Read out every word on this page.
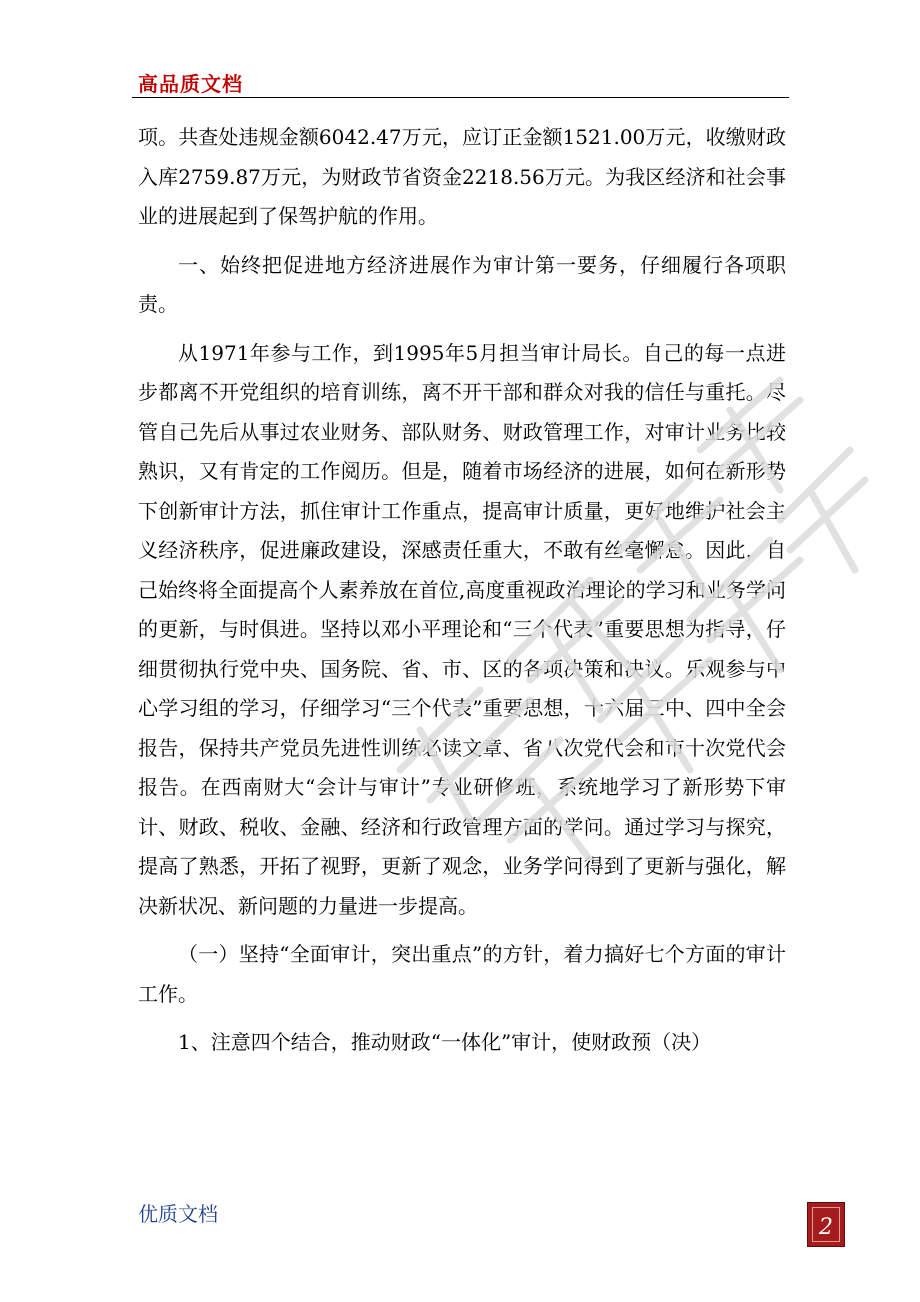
高品质文档

项。共查处违规金额6042.47万元，应订正金额1521.00万元，收缴财政入库2759.87万元，为财政节省资金2218.56万元。为我区经济和社会事业的进展起到了保驾护航的作用。

一、始终把促进地方经济进展作为审计第一要务，仔细履行各项职责。

从1971年参与工作，到1995年5月担当审计局长。自己的每一点进步都离不开党组织的培育训练，离不开干部和群众对我的信任与重托。尽管自己先后从事过农业财务、部队财务、财政管理工作，对审计业务比较熟识，又有肯定的工作阅历。但是，随着市场经济的进展，如何在新形势下创新审计方法，抓住审计工作重点，提高审计质量，更好地维护社会主义经济秩序，促进廉政建设，深感责任重大，不敢有丝毫懈怠。因此，自己始终将全面提高个人素养放在首位,高度重视政治理论的学习和业务学问的更新，与时俱进。坚持以邓小平理论和“三个代表”重要思想为指导，仔细贯彻执行党中央、国务院、省、市、区的各项决策和决议。乐观参与中心学习组的学习，仔细学习“三个代表”重要思想，十六届三中、四中全会报告，保持共产党员先进性训练必读文章、省八次党代会和市十次党代会报告。在西南财大“会计与审计”专业研修班，系统地学习了新形势下审计、财政、税收、金融、经济和行政管理方面的学问。通过学习与探究，提高了熟悉，开拓了视野，更新了观念，业务学问得到了更新与强化，解决新状况、新问题的力量进一步提高。

（一）坚持“全面审计，突出重点”的方针，着力搞好七个方面的审计工作。

1、注意四个结合，推动财政“一体化”审计，使财政预（决）

优质文档
2
